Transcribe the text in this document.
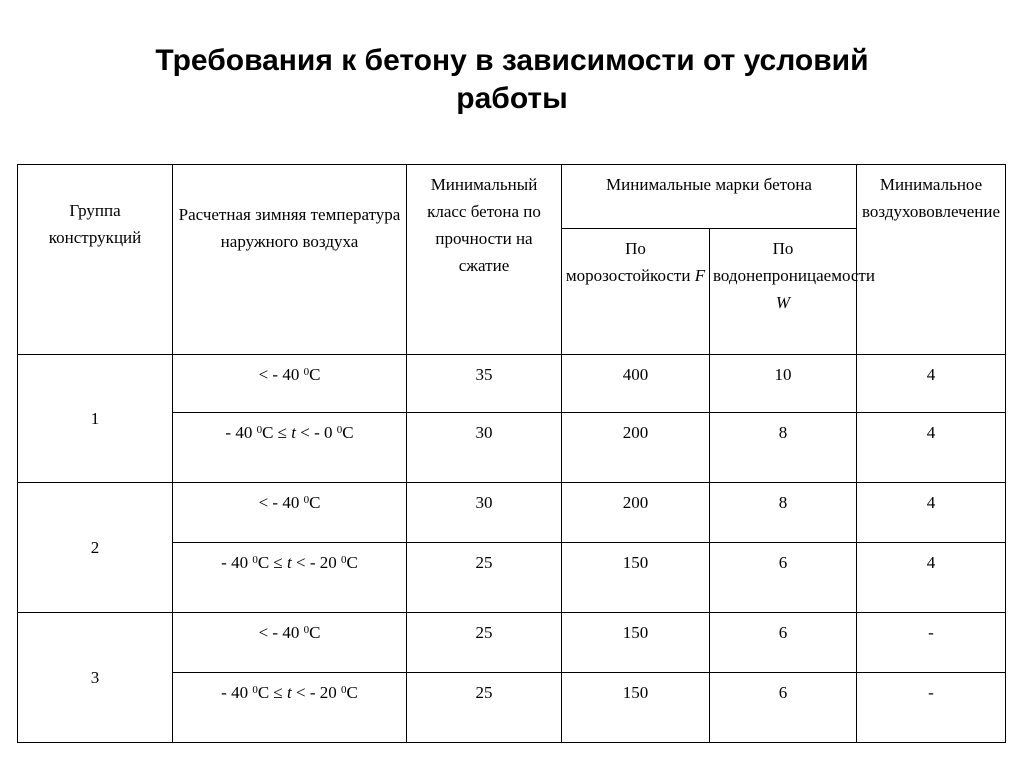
Требования к бетону в зависимости от условий
работы
Группа конструкций	Расчетная зимняя температура наружного воздуха	Минимальный класс бетона по прочности на сжатие	Минимальные марки бетона		Минимальное воздухововлечение
			По морозостойкости F	По водонепроницаемости W	
1	< - 40 $^0$С	35	400	10	4
	- 40 $^0$С ≤ t < - 0 $^0$С	30	200	8	4
2	< - 40 $^0$С	30	200	8	4
	- 40 $^0$С ≤ t < - 20 $^0$С	25	150	6	4
3	< - 40 $^0$С	25	150	6	-
	- 40 $^0$С ≤ t < - 20 $^0$С	25	150	6	-
